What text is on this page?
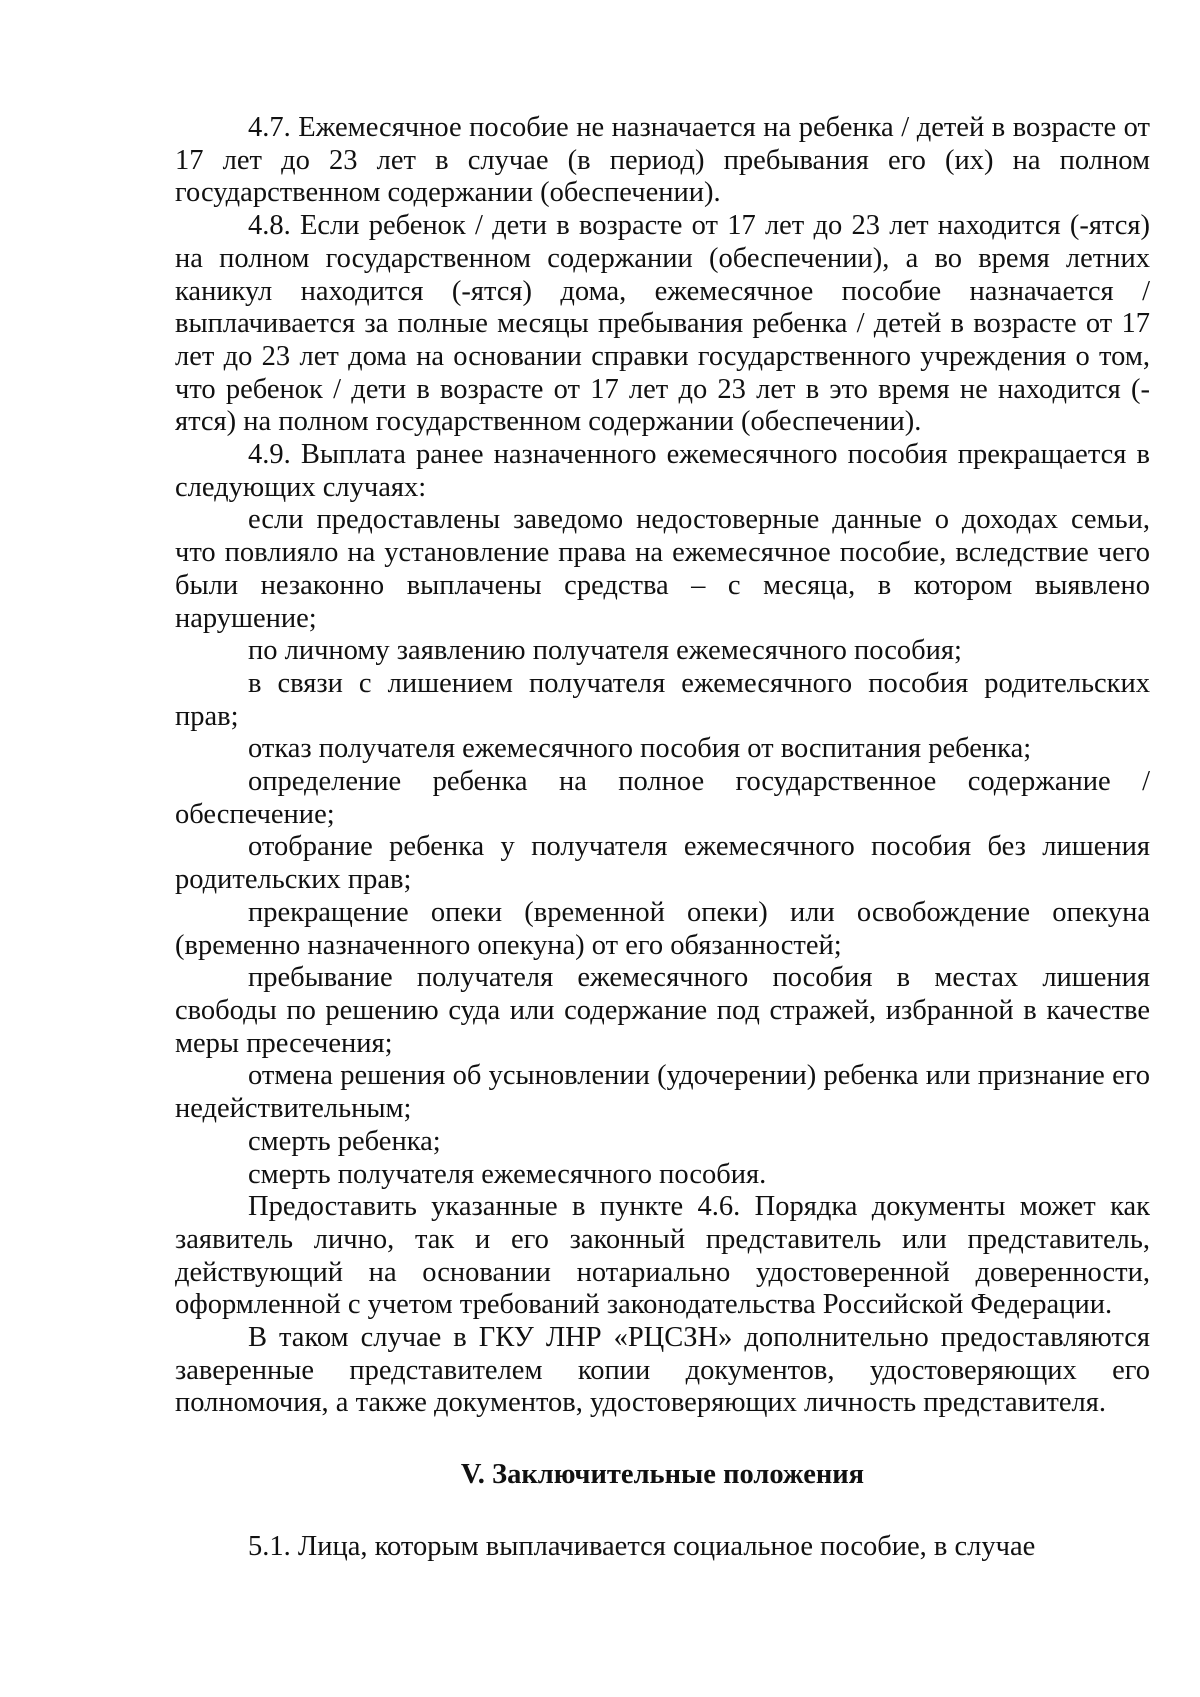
4.7. Ежемесячное пособие не назначается на ребенка / детей в возрасте от 17 лет до 23 лет в случае (в период) пребывания его (их) на полном государственном содержании (обеспечении).

4.8. Если ребенок / дети в возрасте от 17 лет до 23 лет находится (-ятся) на полном государственном содержании (обеспечении), а во время летних каникул находится (-ятся) дома, ежемесячное пособие назначается / выплачивается за полные месяцы пребывания ребенка / детей в возрасте от 17 лет до 23 лет дома на основании справки государственного учреждения о том, что ребенок / дети в возрасте от 17 лет до 23 лет в это время не находится (-ятся) на полном государственном содержании (обеспечении).

4.9. Выплата ранее назначенного ежемесячного пособия прекращается в следующих случаях:

если предоставлены заведомо недостоверные данные о доходах семьи, что повлияло на установление права на ежемесячное пособие, вследствие чего были незаконно выплачены средства – с месяца, в котором выявлено нарушение;

по личному заявлению получателя ежемесячного пособия;

в связи с лишением получателя ежемесячного пособия родительских прав;

отказ получателя ежемесячного пособия от воспитания ребенка;

определение ребенка на полное государственное содержание / обеспечение;

отобрание ребенка у получателя ежемесячного пособия без лишения родительских прав;

прекращение опеки (временной опеки) или освобождение опекуна (временно назначенного опекуна) от его обязанностей;

пребывание получателя ежемесячного пособия в местах лишения свободы по решению суда или содержание под стражей, избранной в качестве меры пресечения;

отмена решения об усыновлении (удочерении) ребенка или признание его недействительным;

смерть ребенка;

смерть получателя ежемесячного пособия.

Предоставить указанные в пункте 4.6. Порядка документы может как заявитель лично, так и его законный представитель или представитель, действующий на основании нотариально удостоверенной доверенности, оформленной с учетом требований законодательства Российской Федерации.

В таком случае в ГКУ ЛНР «РЦСЗН» дополнительно предоставляются заверенные представителем копии документов, удостоверяющих его полномочия, а также документов, удостоверяющих личность представителя.

V. Заключительные положения

5.1. Лица, которым выплачивается социальное пособие, в случае
